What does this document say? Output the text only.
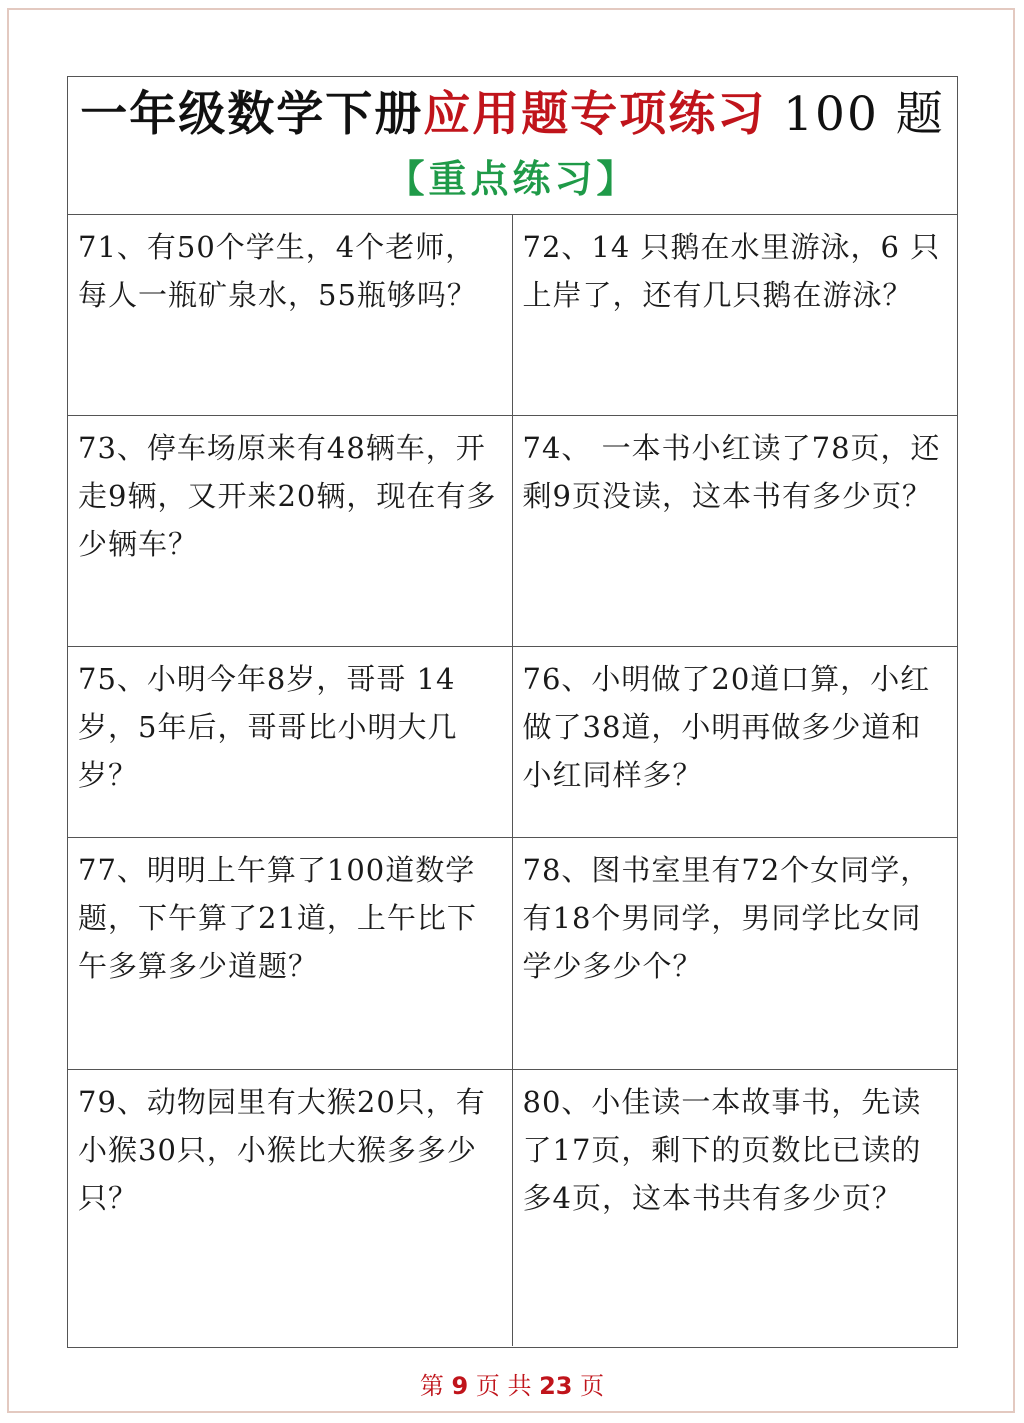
一年级数学下册应用题专项练习 100 题
【重点练习】
71、有50个学生，4个老师，每人一瓶矿泉水，55瓶够吗？
72、14 只鹅在水里游泳，6 只上岸了，还有几只鹅在游泳？
73、停车场原来有48辆车，开走9辆，又开来20辆，现在有多少辆车？
74、 一本书小红读了78页，还剩9页没读，这本书有多少页？
75、小明今年8岁，哥哥 14 岁，5年后，哥哥比小明大几岁？
76、小明做了20道口算，小红做了38道，小明再做多少道和小红同样多？
77、明明上午算了100道数学题，下午算了21道，上午比下午多算多少道题？
78、图书室里有72个女同学，有18个男同学，男同学比女同学少多少个？
79、动物园里有大猴20只，有小猴30只，小猴比大猴多多少只？
80、小佳读一本故事书，先读了17页，剩下的页数比已读的多4页，这本书共有多少页？
第 9 页 共 23 页
